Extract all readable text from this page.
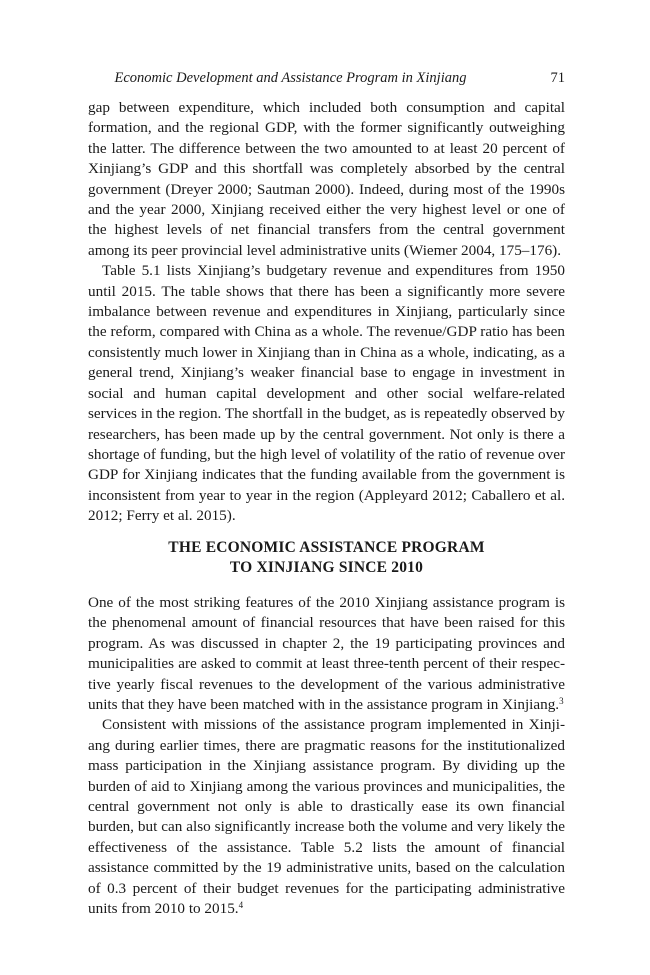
Economic Development and Assistance Program in Xinjiang	71

gap between expenditure, which included both consumption and capital formation, and the regional GDP, with the former significantly outweighing the latter. The difference between the two amounted to at least 20 percent of Xinjiang’s GDP and this shortfall was completely absorbed by the central government (Dreyer 2000; Sautman 2000). Indeed, during most of the 1990s and the year 2000, Xinjiang received either the very highest level or one of the highest levels of net financial transfers from the central government among its peer provincial level administrative units (Wiemer 2004, 175–176).

Table 5.1 lists Xinjiang’s budgetary revenue and expenditures from 1950 until 2015. The table shows that there has been a significantly more severe imbalance between revenue and expenditures in Xinjiang, particularly since the reform, compared with China as a whole. The revenue/GDP ratio has been consistently much lower in Xinjiang than in China as a whole, indicating, as a general trend, Xinjiang’s weaker financial base to engage in investment in social and human capital development and other social welfare-related services in the region. The shortfall in the budget, as is repeatedly observed by researchers, has been made up by the central government. Not only is there a shortage of funding, but the high level of volatility of the ratio of revenue over GDP for Xinjiang indicates that the funding available from the government is inconsistent from year to year in the region (Appleyard 2012; Caballero et al. 2012; Ferry et al. 2015).

THE ECONOMIC ASSISTANCE PROGRAM
TO XINJIANG SINCE 2010

One of the most striking features of the 2010 Xinjiang assistance program is the phenomenal amount of financial resources that have been raised for this program. As was discussed in chapter 2, the 19 participating provinces and municipalities are asked to commit at least three-tenth percent of their respective yearly fiscal revenues to the development of the various administrative units that they have been matched with in the assistance program in Xinjiang.$^3$

Consistent with missions of the assistance program implemented in Xinjiang during earlier times, there are pragmatic reasons for the institutionalized mass participation in the Xinjiang assistance program. By dividing up the burden of aid to Xinjiang among the various provinces and municipalities, the central government not only is able to drastically ease its own financial burden, but can also significantly increase both the volume and very likely the effectiveness of the assistance. Table 5.2 lists the amount of financial assistance committed by the 19 administrative units, based on the calculation of 0.3 percent of their budget revenues for the participating administrative units from 2010 to 2015.$^4$
